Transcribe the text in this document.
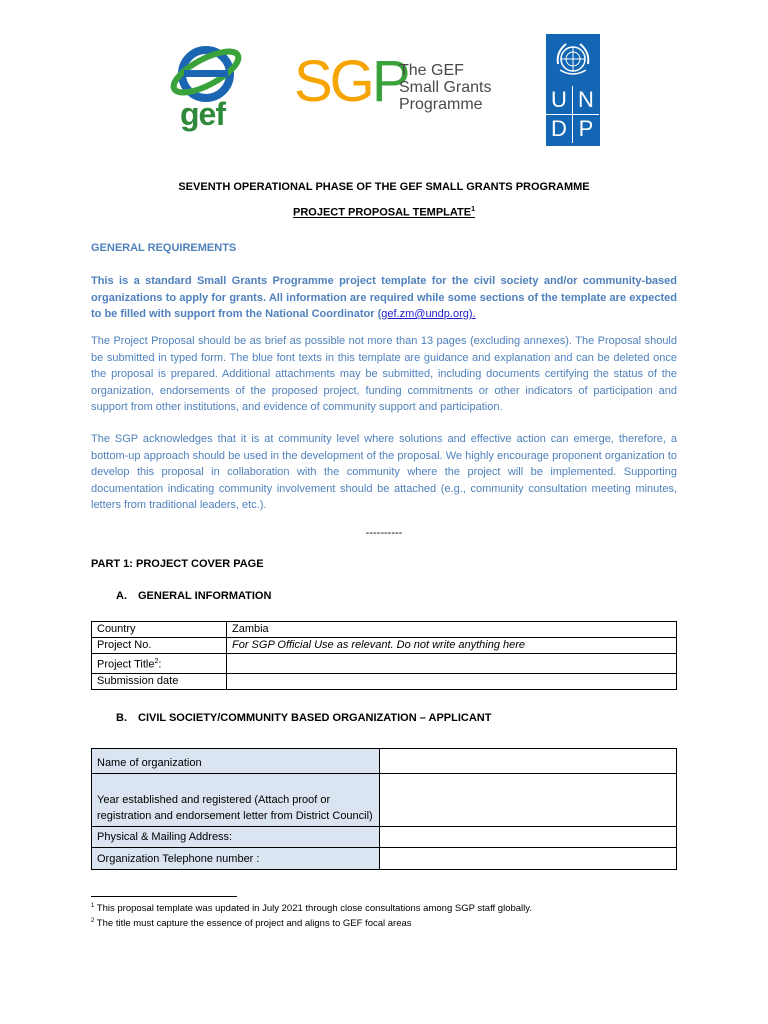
gef SGP
The GEF
Small Grants
Programme	U N
D P
SEVENTH OPERATIONAL PHASE OF THE GEF SMALL GRANTS PROGRAMME
PROJECT PROPOSAL TEMPLATE$^1$
GENERAL REQUIREMENTS
This is a standard Small Grants Programme project template for the civil society and/or community-based organizations to apply for grants. All information are required while some sections of the template are expected to be filled with support from the National Coordinator (gef.zm@undp.org).
The Project Proposal should be as brief as possible not more than 13 pages (excluding annexes). The Proposal should be submitted in typed form. The blue font texts in this template are guidance and explanation and can be deleted once the proposal is prepared. Additional attachments may be submitted, including documents certifying the status of the organization, endorsements of the proposed project, funding commitments or other indicators of participation and support from other institutions, and evidence of community support and participation.
The SGP acknowledges that it is at community level where solutions and effective action can emerge, therefore, a bottom-up approach should be used in the development of the proposal. We highly encourage proponent organization to develop this proposal in collaboration with the community where the project will be implemented. Supporting documentation indicating community involvement should be attached (e.g., community consultation meeting minutes, letters from traditional leaders, etc.).
----------
PART 1: PROJECT COVER PAGE
A. GENERAL INFORMATION
Country	Zambia
Project No.	For SGP Official Use as relevant. Do not write anything here
Project Title$^2$:	
Submission date	
B. CIVIL SOCIETY/COMMUNITY BASED ORGANIZATION – APPLICANT
Name of organization	
Year established and registered (Attach proof or registration and endorsement letter from District Council)	
Physical & Mailing Address:	
Organization Telephone number :	
$^1$ This proposal template was updated in July 2021 through close consultations among SGP staff globally.
$^2$ The title must capture the essence of project and aligns to GEF focal areas
